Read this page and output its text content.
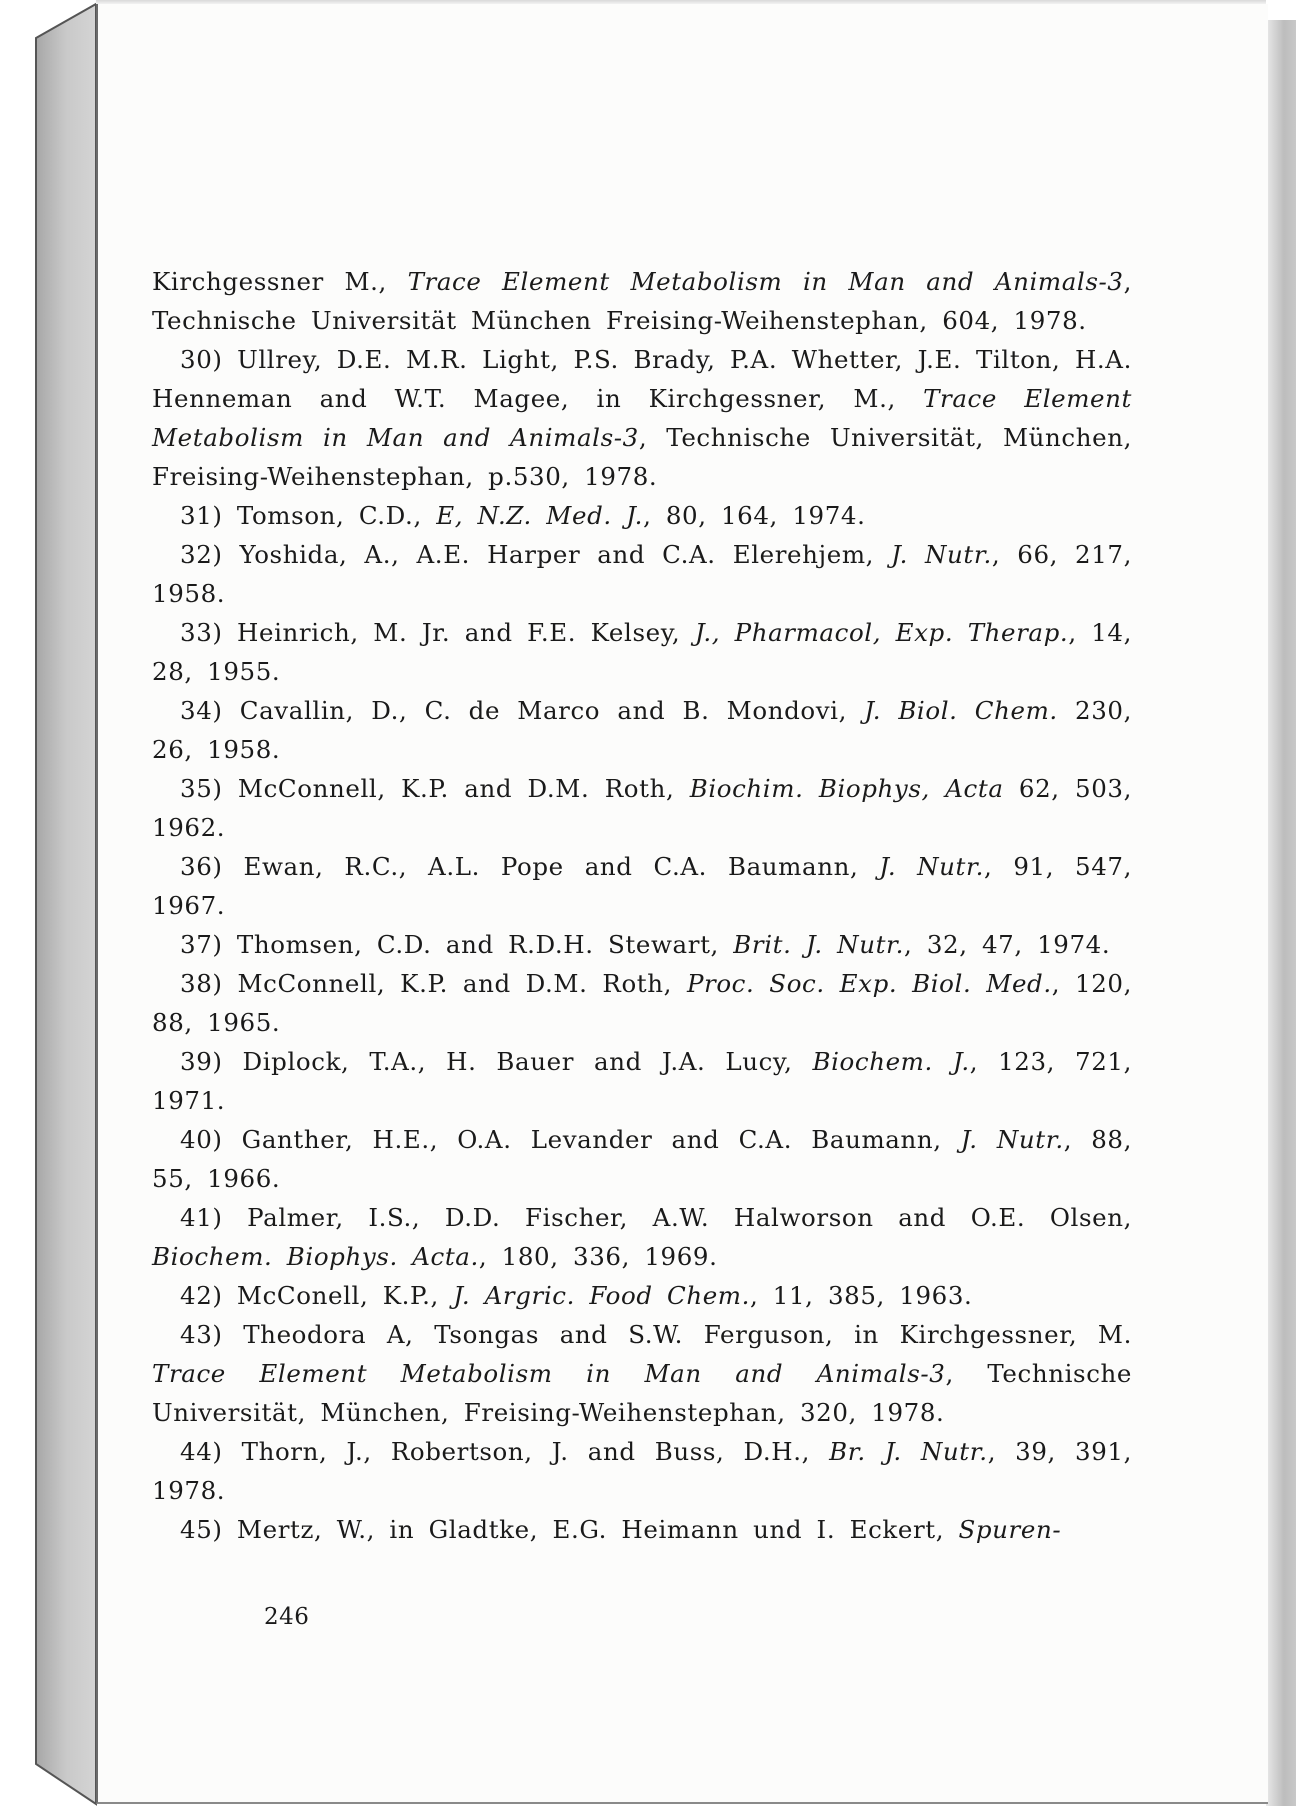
Kirchgessner M., Trace Element Metabolism in Man and Animals-3, Technische Universität München Freising-Weihenstephan, 604, 1978.

30) Ullrey, D.E. M.R. Light, P.S. Brady, P.A. Whetter, J.E. Tilton, H.A. Henneman and W.T. Magee, in Kirchgessner, M., Trace Element Metabolism in Man and Animals-3, Technische Universität, München, Freising-Weihenstephan, p.530, 1978.

31) Tomson, C.D., E, N.Z. Med. J., 80, 164, 1974.

32) Yoshida, A., A.E. Harper and C.A. Elerehjem, J. Nutr., 66, 217, 1958.

33) Heinrich, M. Jr. and F.E. Kelsey, J., Pharmacol, Exp. Therap., 14, 28, 1955.

34) Cavallin, D., C. de Marco and B. Mondovi, J. Biol. Chem. 230, 26, 1958.

35) McConnell, K.P. and D.M. Roth, Biochim. Biophys, Acta 62, 503, 1962.

36) Ewan, R.C., A.L. Pope and C.A. Baumann, J. Nutr., 91, 547, 1967.

37) Thomsen, C.D. and R.D.H. Stewart, Brit. J. Nutr., 32, 47, 1974.

38) McConnell, K.P. and D.M. Roth, Proc. Soc. Exp. Biol. Med., 120, 88, 1965.

39) Diplock, T.A., H. Bauer and J.A. Lucy, Biochem. J., 123, 721, 1971.

40) Ganther, H.E., O.A. Levander and C.A. Baumann, J. Nutr., 88, 55, 1966.

41) Palmer, I.S., D.D. Fischer, A.W. Halworson and O.E. Olsen, Biochem. Biophys. Acta., 180, 336, 1969.

42) McConell, K.P., J. Argric. Food Chem., 11, 385, 1963.

43) Theodora A, Tsongas and S.W. Ferguson, in Kirchgessner, M. Trace Element Metabolism in Man and Animals-3, Technische Universität, München, Freising-Weihenstephan, 320, 1978.

44) Thorn, J., Robertson, J. and Buss, D.H., Br. J. Nutr., 39, 391, 1978.

45) Mertz, W., in Gladtke, E.G. Heimann und I. Eckert, Spuren-

246
